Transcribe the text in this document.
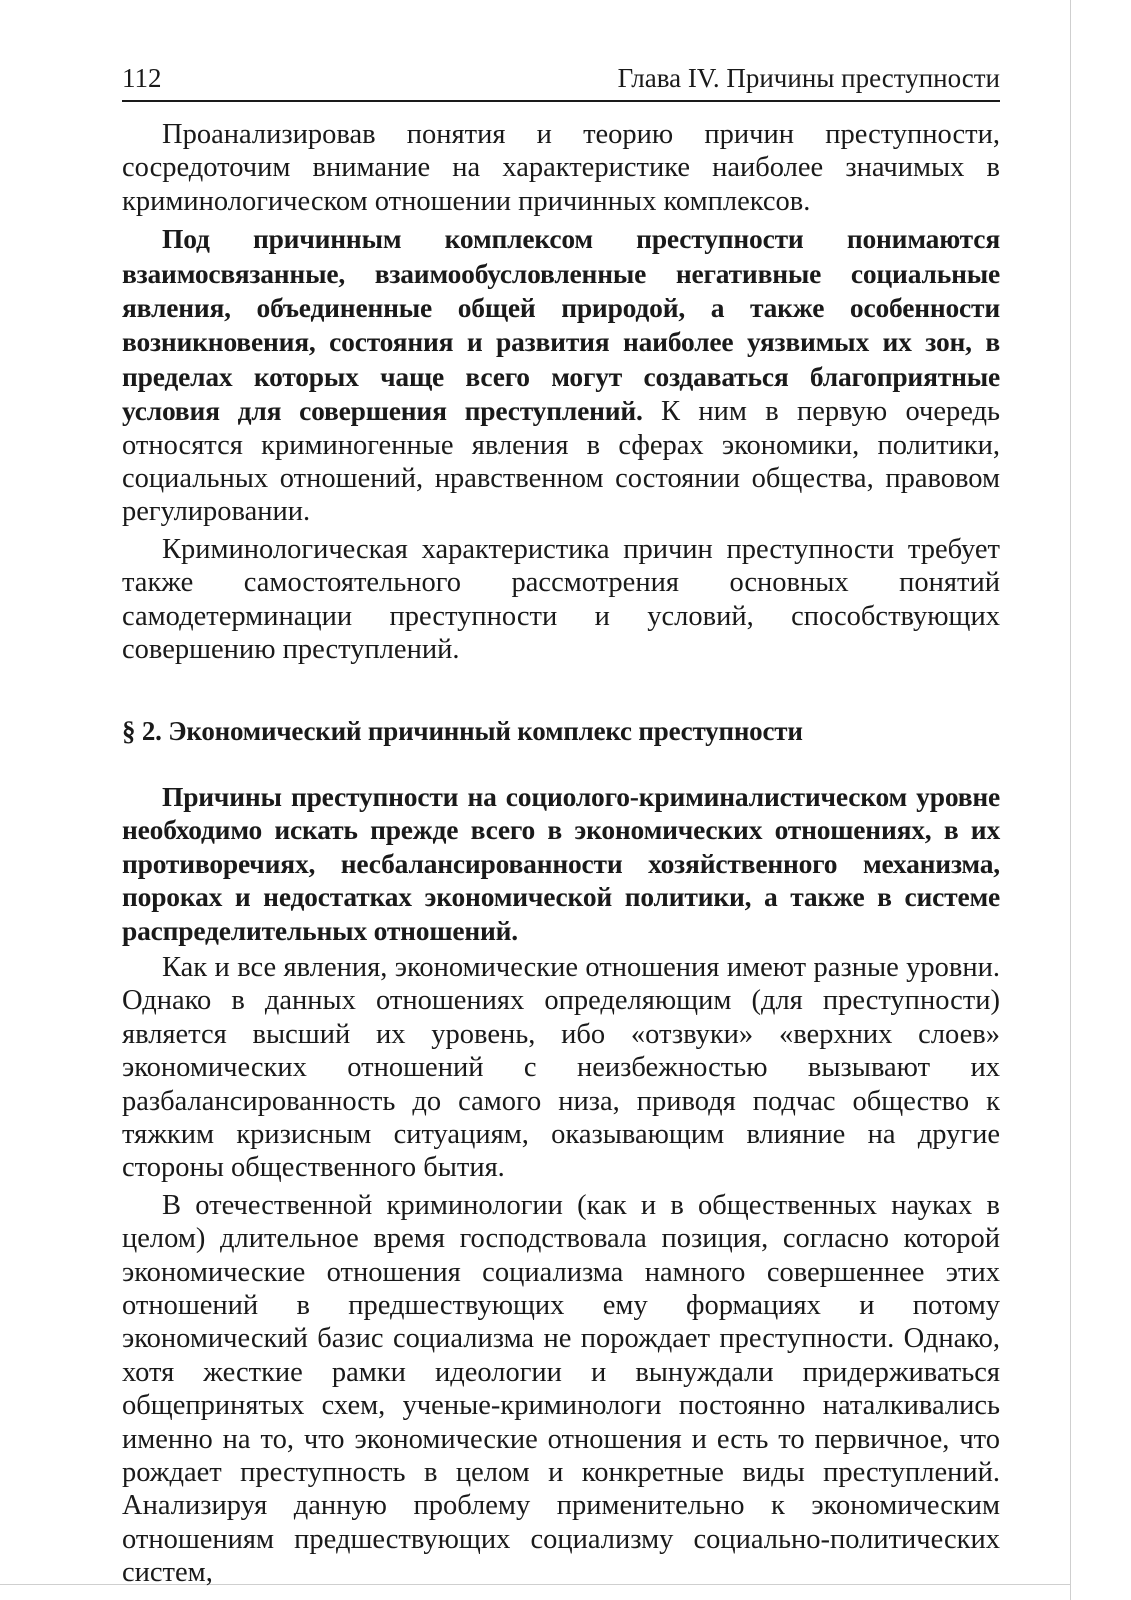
112	Глава IV. Причины преступности

Проанализировав понятия и теорию причин преступности, сосредоточим внимание на характеристике наиболее значимых в криминологическом отношении причинных комплексов.

Под причинным комплексом преступности понимаются взаимосвязанные, взаимообусловленные негативные социальные явления, объединенные общей природой, а также особенности возникновения, состояния и развития наиболее уязвимых их зон, в пределах которых чаще всего могут создаваться благоприятные условия для совершения преступлений. К ним в первую очередь относятся криминогенные явления в сферах экономики, политики, социальных отношений, нравственном состоянии общества, правовом регулировании.

Криминологическая характеристика причин преступности требует также самостоятельного рассмотрения основных понятий самодетерминации преступности и условий, способствующих совершению преступлений.

§ 2. Экономический причинный комплекс преступности

Причины преступности на социолого-криминалистическом уровне необходимо искать прежде всего в экономических отношениях, в их противоречиях, несбалансированности хозяйственного механизма, пороках и недостатках экономической политики, а также в системе распределительных отношений.

Как и все явления, экономические отношения имеют разные уровни. Однако в данных отношениях определяющим (для преступности) является высший их уровень, ибо «отзвуки» «верхних слоев» экономических отношений с неизбежностью вызывают их разбалансированность до самого низа, приводя подчас общество к тяжким кризисным ситуациям, оказывающим влияние на другие стороны общественного бытия.

В отечественной криминологии (как и в общественных науках в целом) длительное время господствовала позиция, согласно которой экономические отношения социализма намного совершеннее этих отношений в предшествующих ему формациях и потому экономический базис социализма не порождает преступности. Однако, хотя жесткие рамки идеологии и вынуждали придерживаться общепринятых схем, ученые-криминологи постоянно наталкивались именно на то, что экономические отношения и есть то первичное, что рождает преступность в целом и конкретные виды преступлений. Анализируя данную проблему применительно к экономическим отношениям предшествующих социализму социально-политических систем,
